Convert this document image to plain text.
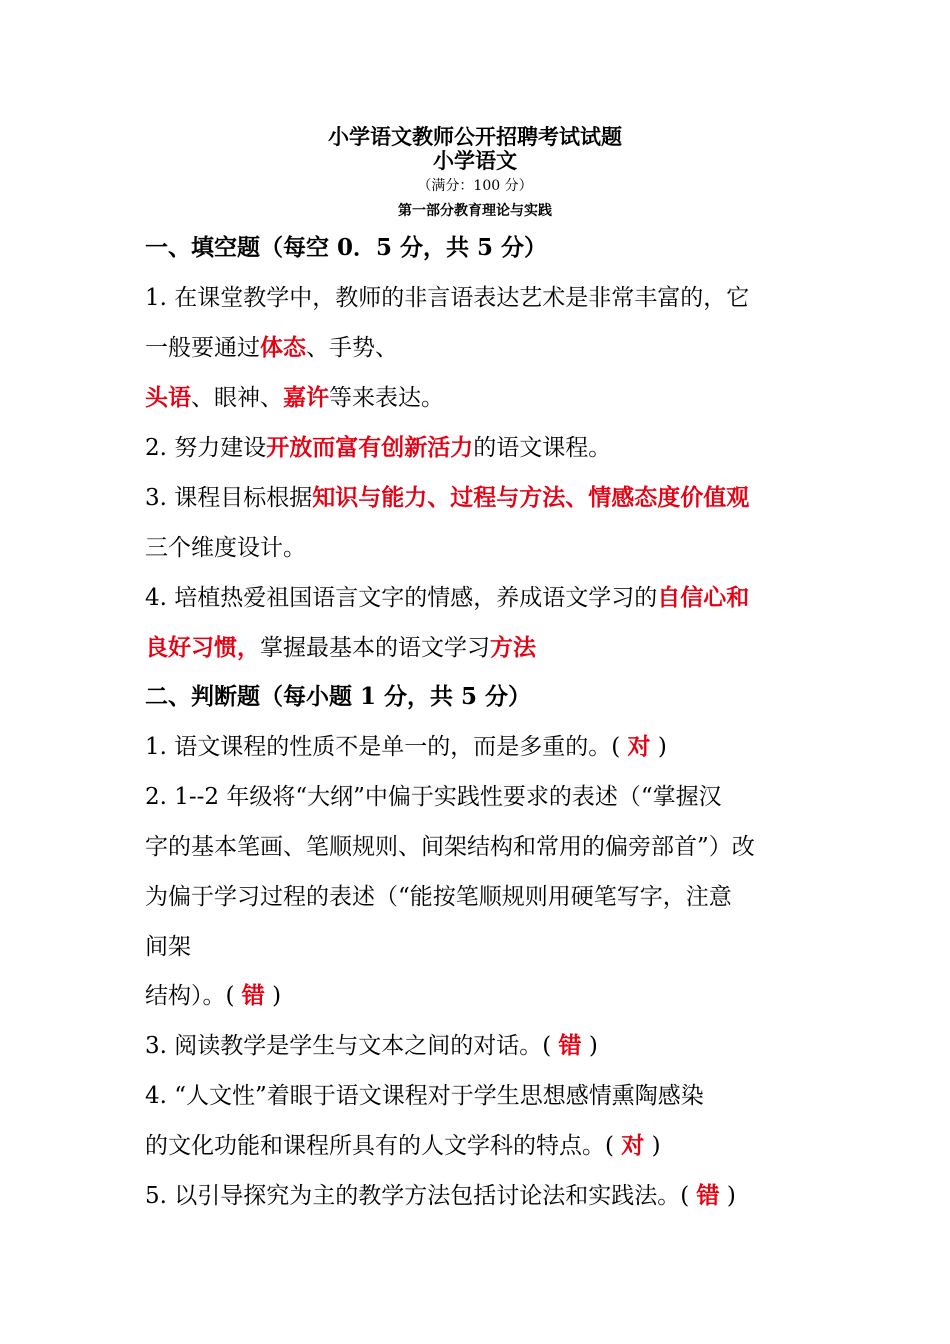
小学语文教师公开招聘考试试题
小学语文
（满分：100 分）
第一部分教育理论与实践
一、填空题（每空 0．5 分，共 5 分）
1. 在课堂教学中，教师的非言语表达艺术是非常丰富的，它
一般要通过体态、手势、
头语、眼神、嘉许等来表达。
2. 努力建设开放而富有创新活力的语文课程。
3. 课程目标根据知识与能力、过程与方法、情感态度价值观
三个维度设计。
4. 培植热爱祖国语言文字的情感，养成语文学习的自信心和
良好习惯，掌握最基本的语文学习方法
二、判断题（每小题 1 分，共 5 分）
1. 语文课程的性质不是单一的，而是多重的。( 对 )
2. 1--2 年级将“大纲”中偏于实践性要求的表述（“掌握汉
字的基本笔画、笔顺规则、间架结构和常用的偏旁部首”）改
为偏于学习过程的表述（“能按笔顺规则用硬笔写字，注意
间架
结构）。( 错 )
3. 阅读教学是学生与文本之间的对话。( 错 )
4. “人文性”着眼于语文课程对于学生思想感情熏陶感染
的文化功能和课程所具有的人文学科的特点。( 对 )
5. 以引导探究为主的教学方法包括讨论法和实践法。( 错 )
